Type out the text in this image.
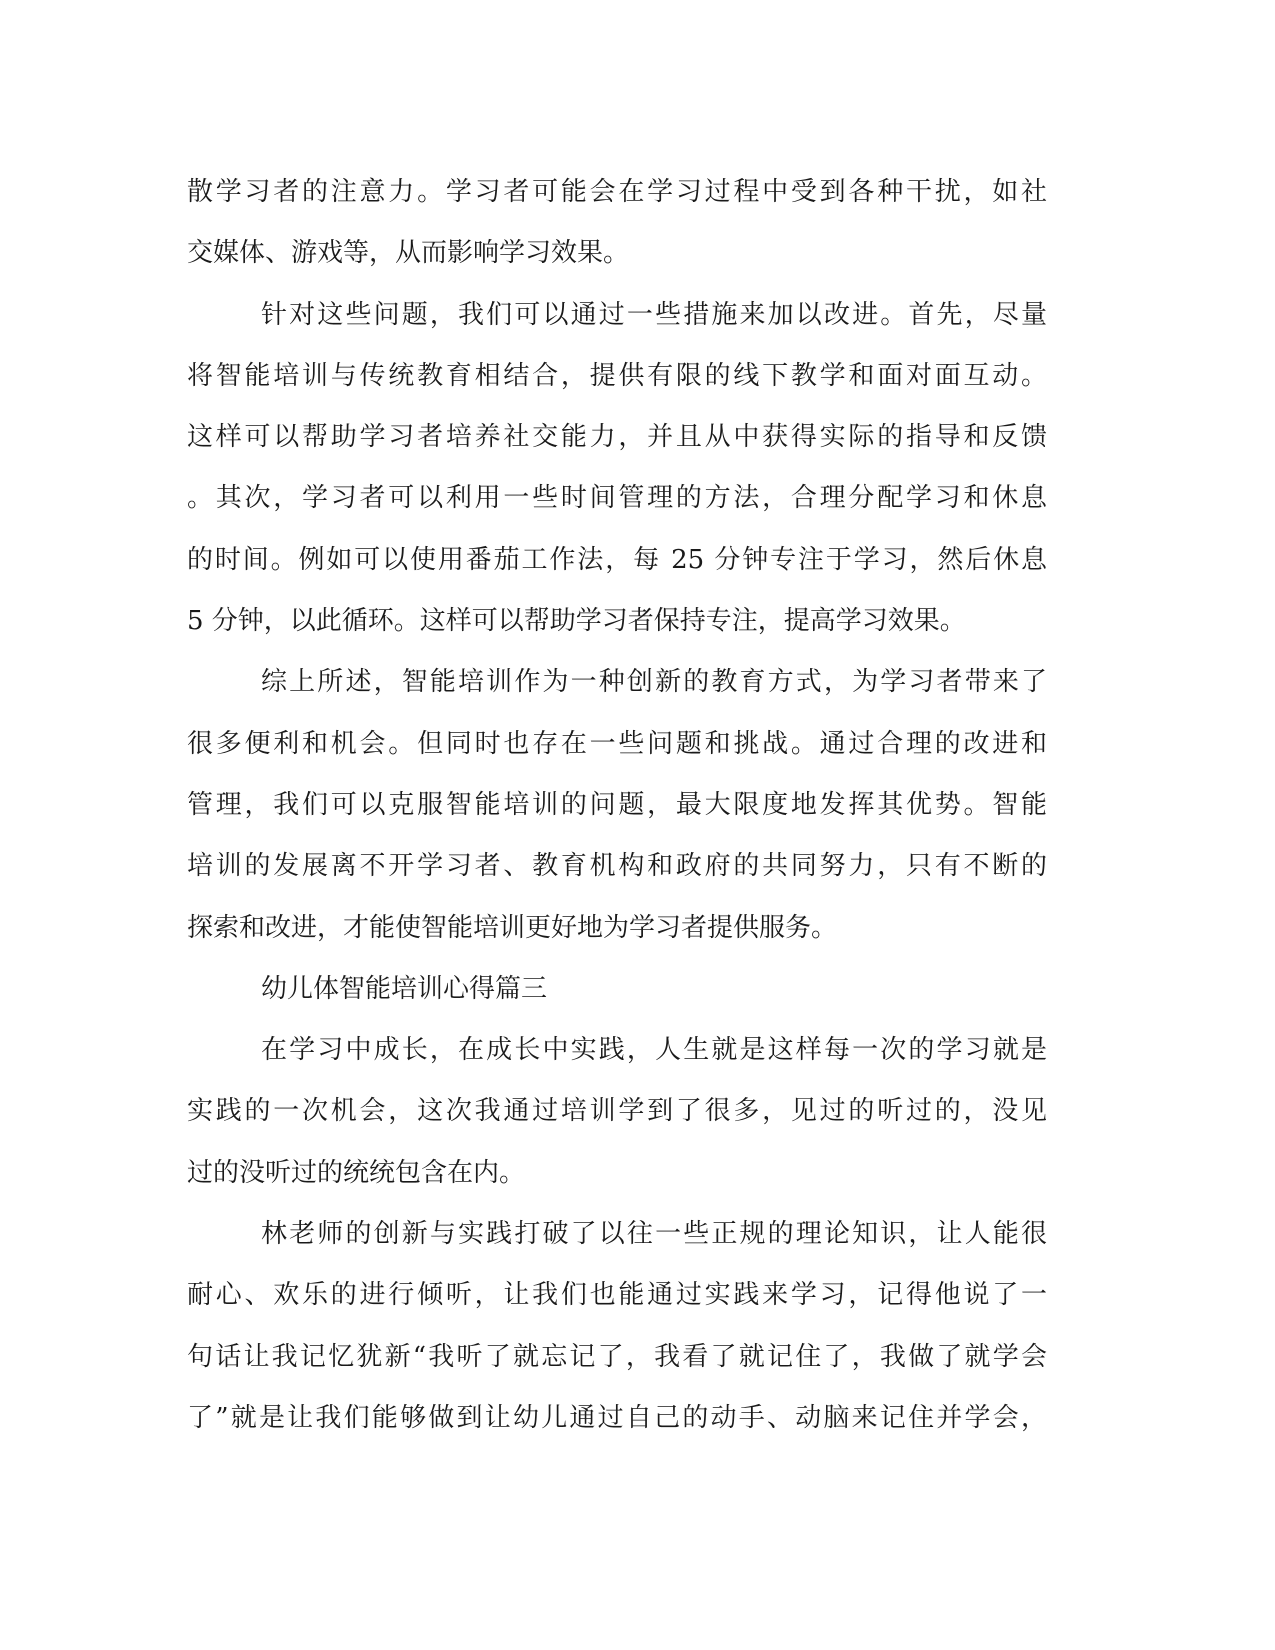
散学习者的注意力。学习者可能会在学习过程中受到各种干扰，如社
交媒体、游戏等，从而影响学习效果。
针对这些问题，我们可以通过一些措施来加以改进。首先，尽量
将智能培训与传统教育相结合，提供有限的线下教学和面对面互动。
这样可以帮助学习者培养社交能力，并且从中获得实际的指导和反馈
。其次，学习者可以利用一些时间管理的方法，合理分配学习和休息
的时间。例如可以使用番茄工作法，每 25 分钟专注于学习，然后休息
5 分钟，以此循环。这样可以帮助学习者保持专注，提高学习效果。
综上所述，智能培训作为一种创新的教育方式，为学习者带来了
很多便利和机会。但同时也存在一些问题和挑战。通过合理的改进和
管理，我们可以克服智能培训的问题，最大限度地发挥其优势。智能
培训的发展离不开学习者、教育机构和政府的共同努力，只有不断的
探索和改进，才能使智能培训更好地为学习者提供服务。
幼儿体智能培训心得篇三
在学习中成长，在成长中实践，人生就是这样每一次的学习就是
实践的一次机会，这次我通过培训学到了很多，见过的听过的，没见
过的没听过的统统包含在内。
林老师的创新与实践打破了以往一些正规的理论知识，让人能很
耐心、欢乐的进行倾听，让我们也能通过实践来学习，记得他说了一
句话让我记忆犹新“我听了就忘记了，我看了就记住了，我做了就学会
了”就是让我们能够做到让幼儿通过自己的动手、动脑来记住并学会，
